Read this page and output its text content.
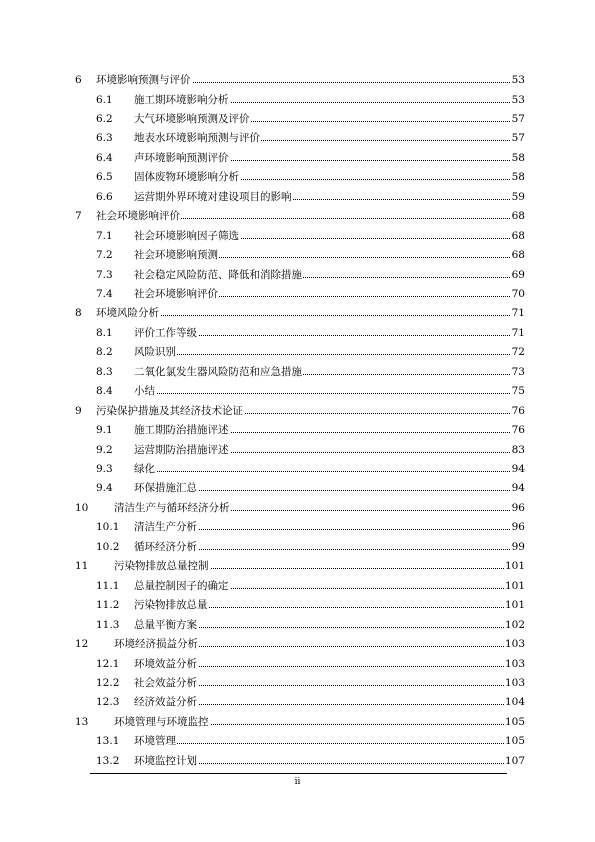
6 环境影响预测与评价	53
6.1 施工期环境影响分析	53
6.2 大气环境影响预测及评价	57
6.3 地表水环境影响预测与评价	57
6.4 声环境影响预测评价	58
6.5 固体废物环境影响分析	58
6.6 运营期外界环境对建设项目的影响	59
7 社会环境影响评价	68
7.1 社会环境影响因子筛选	68
7.2 社会环境影响预测	68
7.3 社会稳定风险防范、降低和消除措施	69
7.4 社会环境影响评价	70
8 环境风险分析	71
8.1 评价工作等级	71
8.2 风险识别	72
8.3 二氧化氯发生器风险防范和应急措施	73
8.4 小结	75
9 污染保护措施及其经济技术论证	76
9.1 施工期防治措施评述	76
9.2 运营期防治措施评述	83
9.3 绿化	94
9.4 环保措施汇总	94
10 清洁生产与循环经济分析	96
10.1 清洁生产分析	96
10.2 循环经济分析	99
11 污染物排放总量控制	101
11.1 总量控制因子的确定	101
11.2 污染物排放总量	101
11.3 总量平衡方案	102
12 环境经济损益分析	103
12.1 环境效益分析	103
12.2 社会效益分析	103
12.3 经济效益分析	104
13 环境管理与环境监控	105
13.1 环境管理	105
13.2 环境监控计划	107
ii
